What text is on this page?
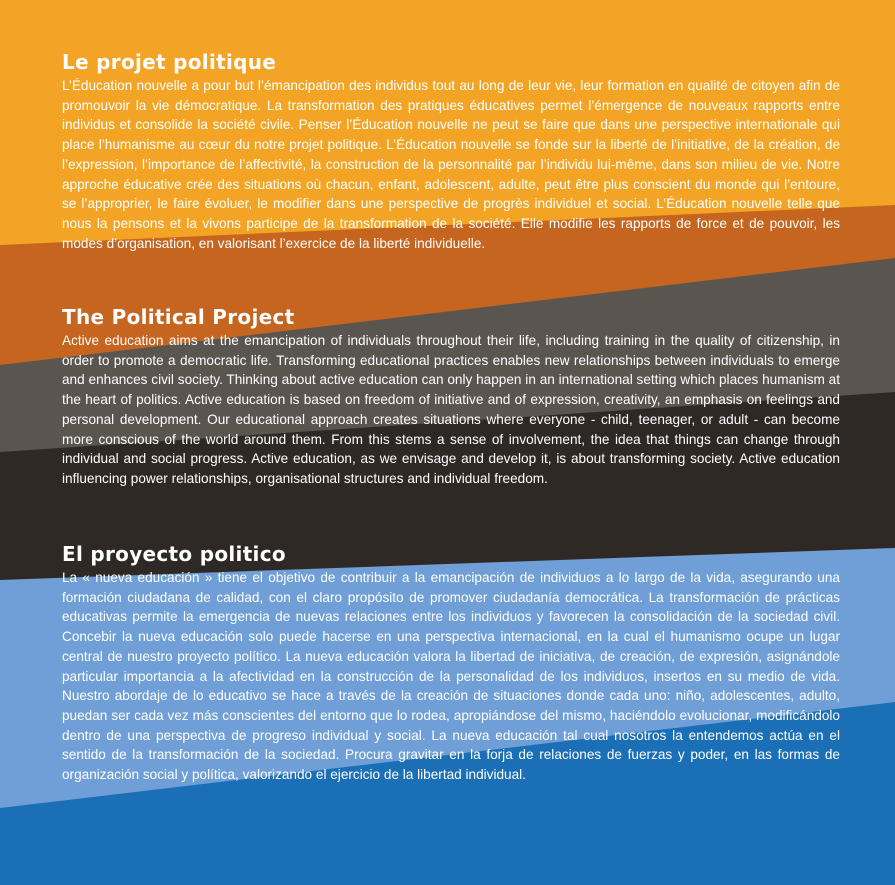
Le projet politique

L’Éducation nouvelle a pour but l’émancipation des individus tout au long de leur vie, leur formation en qualité de citoyen afin de promouvoir la vie démocratique. La transformation des pratiques éducatives permet l’émergence de nouveaux rapports entre individus et consolide la société civile. Penser l’Éducation nouvelle ne peut se faire que dans une perspective internationale qui place l’humanisme au cœur du notre projet politique. L’Éducation nouvelle se fonde sur la liberté de l’initiative, de la création, de l’expression, l’importance de l’affectivité, la construction de la personnalité par l’individu lui-même, dans son milieu de vie. Notre approche éducative crée des situations où chacun, enfant, adolescent, adulte, peut être plus conscient du monde qui l’entoure, se l’approprier, le faire évoluer, le modifier dans une perspective de progrès individuel et social. L’Éducation nouvelle telle que nous la pensons et la vivons participe de la transformation de la société. Elle modifie les rapports de force et de pouvoir, les modes d’organisation, en valorisant l’exercice de la liberté individuelle.

The Political Project

Active education aims at the emancipation of individuals throughout their life, including training in the quality of citizenship, in order to promote a democratic life. Transforming educational practices enables new relationships between individuals to emerge and enhances civil society. Thinking about active education can only happen in an international setting which places humanism at the heart of politics. Active education is based on freedom of initiative and of expression, creativity, an emphasis on feelings and personal development. Our educational approach creates situations where everyone - child, teenager, or adult - can become more conscious of the world around them. From this stems a sense of involvement, the idea that things can change through individual and social progress. Active education, as we envisage and develop it, is about transforming society. Active education influencing power relationships, organisational structures and individual freedom.

El proyecto politico

La « nueva educación » tiene el objetivo de contribuir a la emancipación de individuos a lo largo de la vida, asegurando una formación ciudadana de calidad, con el claro propósito de promover ciudadanía democrática. La transformación de prácticas educativas permite la emergencia de nuevas relaciones entre los individuos y favorecen la consolidación de la sociedad civil. Concebir la nueva educación solo puede hacerse en una perspectiva internacional, en la cual el humanismo ocupe un lugar central de nuestro proyecto político. La nueva educación valora la libertad de iniciativa, de creación, de expresión, asignándole particular importancia a la afectividad en la construcción de la personalidad de los individuos, insertos en su medio de vida. Nuestro abordaje de lo educativo se hace a través de la creación de situaciones donde cada uno: niño, adolescentes, adulto, puedan ser cada vez más conscientes del entorno que lo rodea, apropiándose del mismo, haciéndolo evolucionar, modificándolo dentro de una perspectiva de progreso individual y social. La nueva educación tal cual nosotros la entendemos actúa en el sentido de la transformación de la sociedad. Procura gravitar en la forja de relaciones de fuerzas y poder, en las formas de organización social y política, valorizando el ejercicio de la libertad individual.
